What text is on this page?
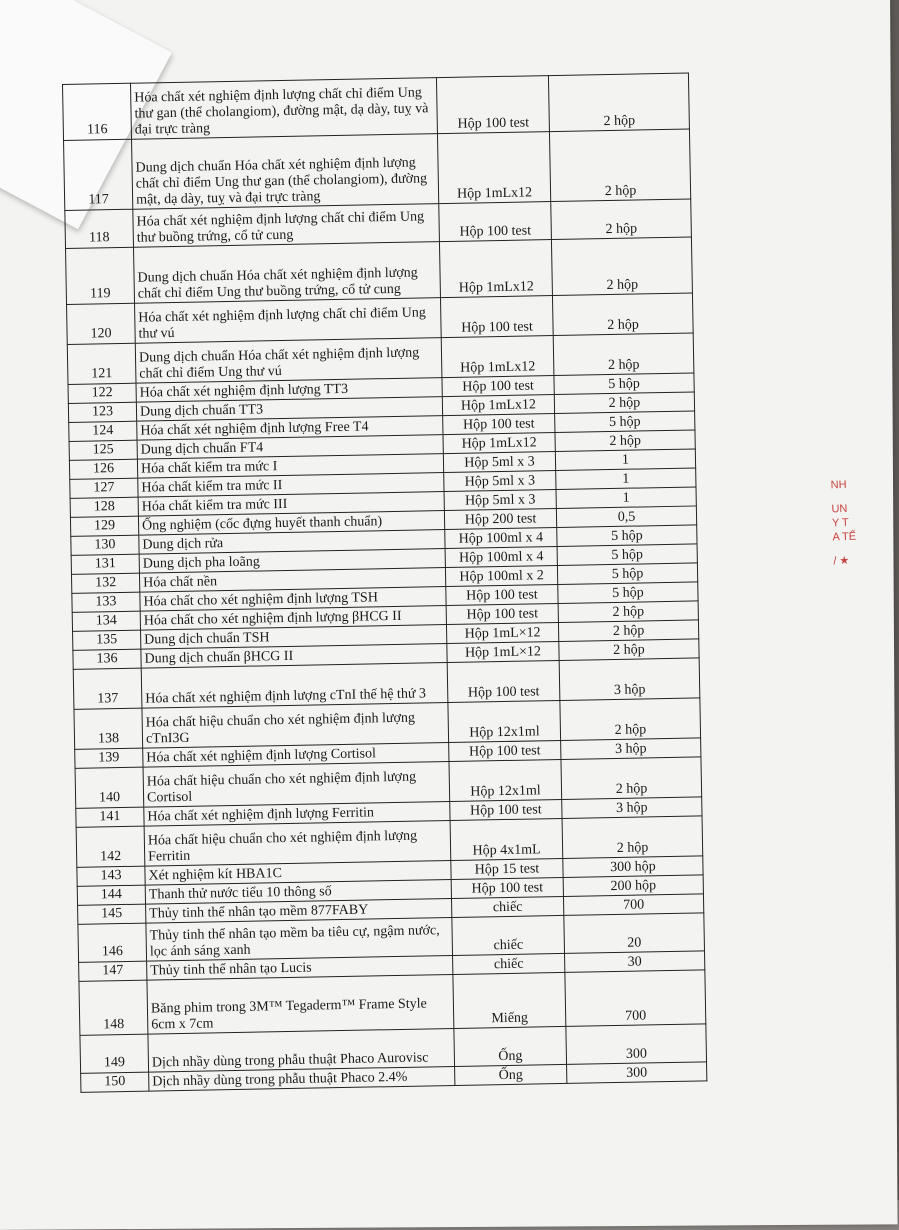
116	Hóa chất xét nghiệm định lượng chất chỉ điểm Ung thư gan (thể cholangiom), đường mật, dạ dày, tuỵ và đại trực tràng	Hộp 100 test	2 hộp
117	Dung dịch chuẩn Hóa chất xét nghiệm định lượng chất chỉ điểm Ung thư gan (thể cholangiom), đường mật, dạ dày, tuỵ và đại trực tràng	Hộp 1mLx12	2 hộp
118	Hóa chất xét nghiệm định lượng chất chỉ điểm Ung thư buồng trứng, cổ tử cung	Hộp 100 test	2 hộp
119	Dung dịch chuẩn Hóa chất xét nghiệm định lượng chất chỉ điểm Ung thư buồng trứng, cổ tử cung	Hộp 1mLx12	2 hộp
120	Hóa chất xét nghiệm định lượng chất chỉ điểm Ung thư vú	Hộp 100 test	2 hộp
121	Dung dịch chuẩn Hóa chất xét nghiệm định lượng chất chỉ điểm Ung thư vú	Hộp 1mLx12	2 hộp
122	Hóa chất xét nghiệm định lượng TT3	Hộp 100 test	5 hộp
123	Dung dịch chuẩn TT3	Hộp 1mLx12	2 hộp
124	Hóa chất xét nghiệm định lượng Free T4	Hộp 100 test	5 hộp
125	Dung dịch chuẩn FT4	Hộp 1mLx12	2 hộp
126	Hóa chất kiểm tra mức I	Hộp 5ml x 3	1
127	Hóa chất kiểm tra mức II	Hộp 5ml x 3	1
128	Hóa chất kiểm tra mức III	Hộp 5ml x 3	1
129	Ống nghiệm (cốc đựng huyết thanh chuẩn)	Hộp 200 test	0,5
130	Dung dịch rửa	Hộp 100ml x 4	5 hộp
131	Dung dịch pha loãng	Hộp 100ml x 4	5 hộp
132	Hóa chất nền	Hộp 100ml x 2	5 hộp
133	Hóa chất cho xét nghiệm định lượng TSH	Hộp 100 test	5 hộp
134	Hóa chất cho xét nghiệm định lượng βHCG II	Hộp 100 test	2 hộp
135	Dung dịch chuẩn TSH	Hộp 1mL×12	2 hộp
136	Dung dịch chuẩn βHCG II	Hộp 1mL×12	2 hộp
137	Hóa chất xét nghiệm định lượng cTnI thế hệ thứ 3	Hộp 100 test	3 hộp
138	Hóa chất hiệu chuẩn cho xét nghiệm định lượng cTnI3G	Hộp 12x1ml	2 hộp
139	Hóa chất xét nghiệm định lượng Cortisol	Hộp 100 test	3 hộp
140	Hóa chất hiệu chuẩn cho xét nghiệm định lượng Cortisol	Hộp 12x1ml	2 hộp
141	Hóa chất xét nghiệm định lượng Ferritin	Hộp 100 test	3 hộp
142	Hóa chất hiệu chuẩn cho xét nghiệm định lượng Ferritin	Hộp 4x1mL	2 hộp
143	Xét nghiệm kít HBA1C	Hộp 15 test	300 hộp
144	Thanh thử nước tiểu 10 thông số	Hộp 100 test	200 hộp
145	Thủy tinh thể nhân tạo mềm 877FABY	chiếc	700
146	Thủy tinh thể nhân tạo mềm ba tiêu cự, ngậm nước, lọc ánh sáng xanh	chiếc	20
147	Thủy tinh thể nhân tạo Lucis	chiếc	30
148	Băng phim trong 3M™ Tegaderm™ Frame Style 6cm x 7cm	Miếng	700
149	Dịch nhầy dùng trong phẫu thuật Phaco Aurovisc	Ống	300
150	Dịch nhầy dùng trong phẫu thuật Phaco 2.4%	Ống	300
NH
UN
Y T
A TẾ
/ ★
